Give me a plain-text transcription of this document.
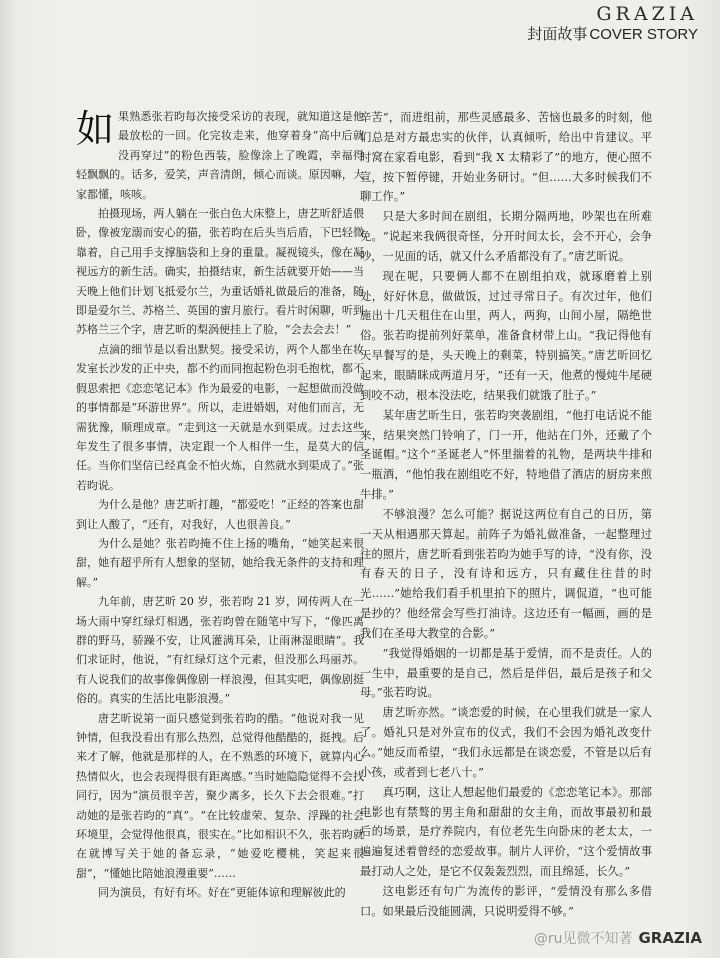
GRAZIA
封面故事 COVER STORY

如果熟悉张若昀每次接受采访的表现，就知道这是他最放松的一回。化完妆走来，他穿着身“高中后就没再穿过”的粉色西装，脸像涂上了晚霞，幸福得轻飘飘的。话多，爱笑，声音清朗，倾心而谈。原因嘛，大家都懂，咳咳。

拍摄现场，两人躺在一张白色大床整上，唐艺昕舒适偎卧，像被宠溺而安心的猫，张若昀在后头当后盾，下巴轻微靠着，自己用手支撑脑袋和上身的重量。凝视镜头，像在凝视远方的新生活。确实，拍摄结束，新生活就要开始——当天晚上他们计划飞抵爱尔兰，为重话婚礼做最后的准备，随即是爱尔兰、苏格兰、英国的蜜月旅行。看片时闲聊，听到苏格兰三个字，唐艺昕的梨涡便挂上了脸，“会去会去！”

点滴的细节是以看出默契。接受采访，两个人都坐在妆发室长沙发的正中央，都不约而同抱起粉色羽毛抱枕，都不假思索把《恋恋笔记本》作为最爱的电影，一起想做而没做的事情都是“环游世界”。所以，走进婚姻，对他们而言，无需犹豫，顺理成章。“走到这一天就是水到渠成。过去这些年发生了很多事情，决定跟一个人相伴一生，是莫大的信任。当你们坚信已经真金不怕火炼，自然就水到渠成了。”张若昀说。

为什么是他？唐艺昕打趣，“都爱吃！”正经的答案也甜到让人酸了，“还有，对我好，人也很善良。”

为什么是她？张若昀掩不住上扬的嘴角，“她笑起来很甜，她有超乎所有人想象的坚韧，她给我无条件的支持和理解。”

九年前，唐艺昕 20 岁，张若昀 21 岁，网传两人在一场大雨中穿红绿灯相遇，张若昀曾在随笔中写下，“像匹离群的野马，骄躁不安，让风灌满耳朵，让雨淋湿眼睛”。我们求证时，他说，“有红绿灯这个元素，但没那么玛丽苏。有人说我们的故事像偶像剧一样浪漫，但其实吧，偶像剧挺俗的。真实的生活比电影浪漫。”

唐艺昕说第一面只感觉到张若昀的酷。“他说对我一见钟情，但我没看出有那么热烈，总觉得他酷酷的，挺拽。后来才了解，他就是那样的人，在不熟悉的环境下，就算内心热情似火，也会表现得很有距离感。”当时她隐隐觉得不会找同行，因为“演员很辛苦，聚少离多，长久下去会很难。”打动她的是张若昀的“真”。“在比较虚荣、复杂、浮躁的社会环境里，会觉得他很真，很实在。”比如相识不久，张若昀就在就博写关于她的备忘录，“她爱吃樱桃，笑起来很甜”，“懂她比陪她浪漫重要”……

同为演员，有好有坏。好在“更能体谅和理解彼此的

辛苦”，而进组前，那些灵感最多、苦恼也最多的时刻，他们总是对方最忠实的伙伴，认真倾听，给出中肯建议。平时窝在家看电影，看到“我 X 太精彩了”的地方，便心照不宣，按下暂停键，开始业务研讨。“但……大多时候我们不聊工作。”

只是大多时间在剧组，长期分隔两地，吵架也在所难免。“说起来我俩很奇怪，分开时间太长，会不开心，会争吵，一见面的话，就又什么矛盾都没有了。”唐艺昕说。

现在呢，只要俩人都不在剧组拍戏，就琢磨着上别处，好好休息，做做饭，过过寻常日子。有次过年，他们施出十几天租住在山里，两人，两狗，山间小屋，隔绝世俗。张若昀提前列好菜单，准备食材带上山。“我记得他有天早餐写的是，头天晚上的剩菜，特别搞笑。”唐艺昕回忆起来，眼睛眯成两道月牙，“还有一天，他煮的慢炖牛尾硬到咬不动，根本没法吃，结果我们就饿了肚子。”

某年唐艺昕生日，张若昀突袭剧组，“他打电话说不能来，结果突然门铃响了，门一开，他站在门外，还戴了个圣诞帽。”这个“圣诞老人”怀里揣着的礼物，是两块牛排和一瓶酒，“他怕我在剧组吃不好，特地借了酒店的厨房来煎牛排。”

不够浪漫？怎么可能？据说这两位有自己的日历，第一天从相遇那天算起。前阵子为婚礼做准备，一起整理过往的照片，唐艺昕看到张若昀为她手写的诗，“没有你，没有春天的日子，没有诗和远方，只有藏住往昔的时光……”她给我们看手机里拍下的照片，调侃道，“也可能是抄的？他经常会写些打油诗。这边还有一幅画，画的是我们在圣母大教堂的合影。”

“我觉得婚姻的一切都是基于爱情，而不是责任。人的一生中，最重要的是自己，然后是伴侣，最后是孩子和父母。”张若昀说。

唐艺昕亦然。“谈恋爱的时候，在心里我们就是一家人了。婚礼只是对外宣布的仪式，我们不会因为婚礼改变什么。”她反而希望，“我们永远都是在谈恋爱，不管是以后有小孩，或者到七老八十。”

真巧啊，这让人想起他们最爱的《恋恋笔记本》。那部电影也有禁骜的男主角和甜甜的女主角，而故事最初和最后的场景，是疗养院内，有位老先生向卧床的老太太，一遍遍复述着曾经的恋爱故事。制片人评价，“这个爱情故事最打动人之处，是它不仅轰轰烈烈，而且绵延，长久。”

这电影还有句广为流传的影评，“爱情没有那么多借口。如果最后没能圆满，只说明爱得不够。”

@ru见微不知著 GRAZIA
